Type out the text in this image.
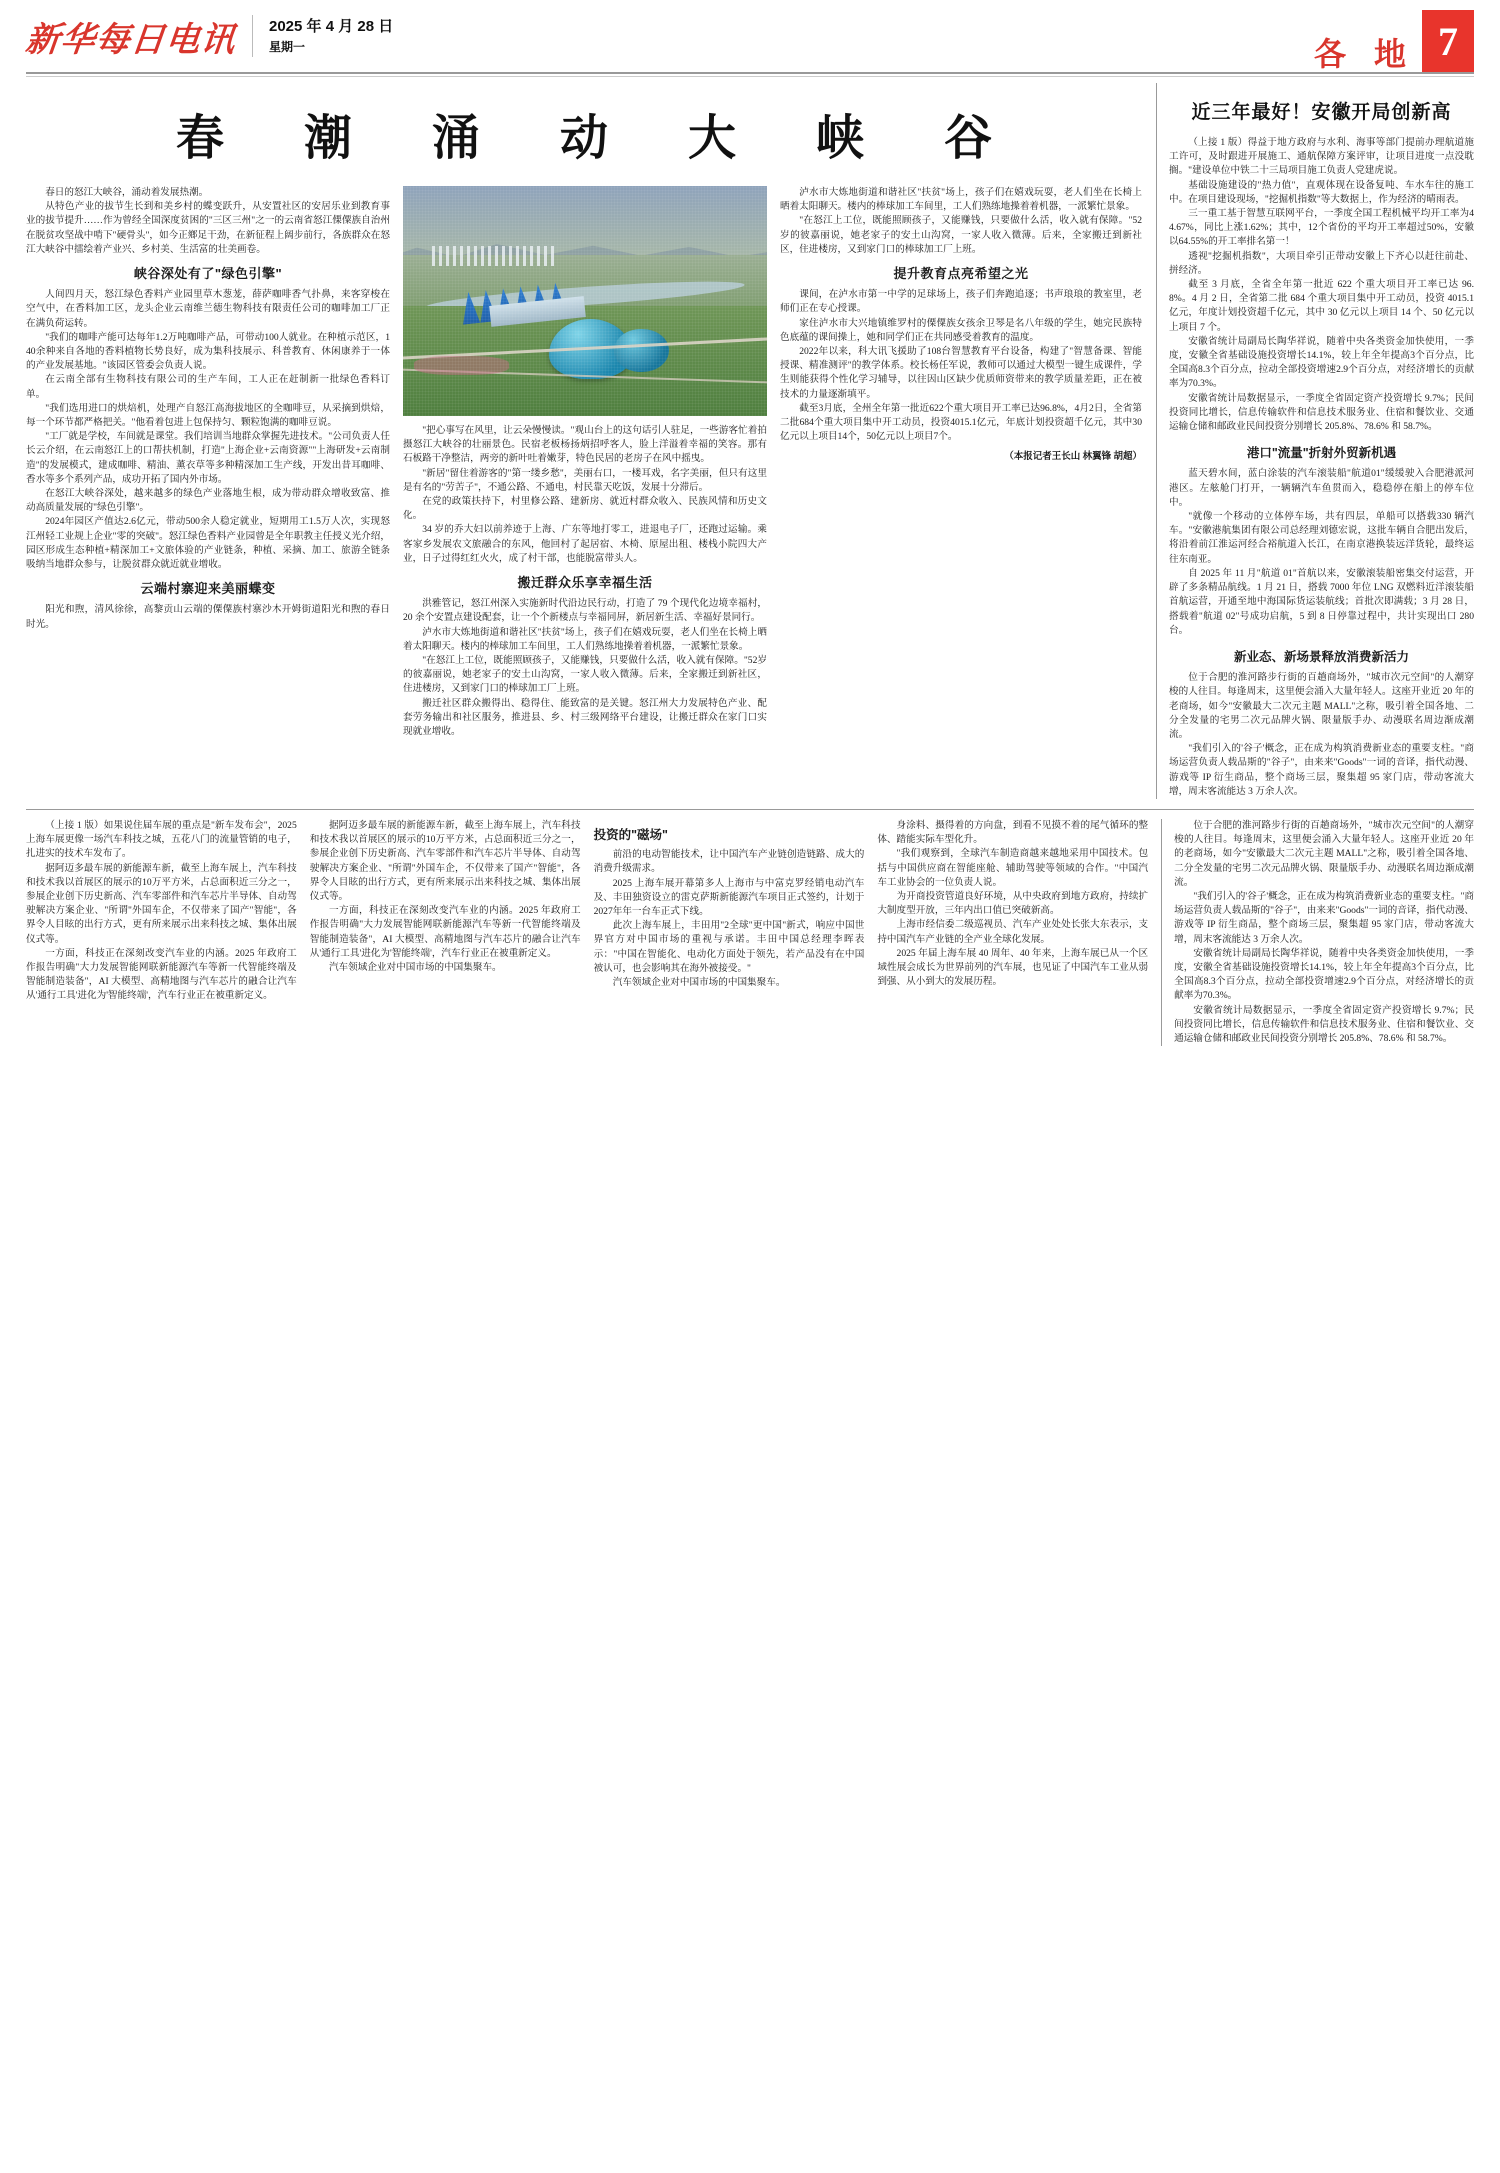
新华每日电讯 2025 年 4 月 28 日
星期一	各 地 7
春 潮 涌 动 大 峡 谷

春日的怒江大峡谷，涌动着发展热潮。

从特色产业的拔节生长到和美乡村的蝶变跃升，从安置社区的安居乐业到教育事业的拔节提升……作为曾经全国深度贫困的"三区三州"之一的云南省怒江傈僳族自治州在脱贫攻坚战中啃下"硬骨头"，如今正鄉足干劲，在新征程上阔步前行，各族群众在怒江大峡谷中擂绘着产业兴、乡村美、生活富的壮美画卷。

峡谷深处有了"绿色引擎"

人间四月天，怒江绿色香料产业园里草木葱茏，薛萨咖啡香气扑鼻，来客穿梭在空气中，在香料加工区，龙头企业云南维兰德生物科技有限责任公司的咖啡加工厂正在满负荷运转。

"我们的咖啡产能可达每年1.2万吨咖啡产品，可带动100人就业。在种植示范区，140余种来自各地的香料植物长势良好，成为集科技展示、科普教育、休闲康养于一体的产业发展基地。"该园区管委会负责人说。

在云南全部有生物科技有限公司的生产车间，工人正在赶制新一批绿色香料订单。

"我们选用进口的烘焙机，处理产自怒江高海拔地区的全咖啡豆，从采摘到烘焙，每一个环节都严格把关。"他看着包进上包保持匀、颗粒饱满的咖啡豆说。

"工厂就是学校，车间就是课堂。我们培训当地群众掌握先进技术。"公司负责人任长云介绍，在云南怒江上的口帮扶机制，打造"上海企业+云南资源""上海研发+云南制造"的发展模式，建成咖啡、精油、薰衣草等多种精深加工生产线，开发出昔耳咖啡、香水等多个系列产品，成功开拓了国内外市场。

在怒江大峡谷深处，越来越多的绿色产业落地生根，成为带动群众增收致富、推动高质量发展的"绿色引擎"。

2024年园区产值达2.6亿元，带动500余人稳定就业，短期用工1.5万人次，实现怒江州轻工业规上企业"零的突破"。怒江绿色香料产业园曾是全年职教主任授义光介绍，园区形成生态种植+精深加工+文旅体验的产业链条，种植、采摘、加工、旅游全链条吸纳当地群众参与，让脱贫群众就近就业增收。

云端村寨迎来美丽蝶变

阳光和煦，清风徐徐，高黎贡山云端的傈僳族村寨沙木开姆街道阳光和煦的春日时光。

"把心事写在风里，让云朵慢慢读。"观山台上的这句话引人驻足，一些游客忙着拍摄怒江大峡谷的壮丽景色。民宿老板杨扬炳招呼客人，脸上洋溢着幸福的笑容。那有石板路干净整洁，两旁的新叶吐着嫩芽，特色民居的老房子在风中摇曳。

"新居"留住着游客的"第一缕乡愁"，美丽右口，一楼耳戏，名字美丽，但只有这里是有名的"劳苦子"，不通公路、不通电，村民靠天吃饭，发展十分滞后。

在党的政策扶持下，村里修公路、建新房、就近村群众收入、民族风情和历史文化。

34 岁的乔大妇以前养迹于上海、广东等地打零工，进退电子厂，还跑过运输。乘客家乡发展农文旅融合的东风，他回村了起居宿、木椅、原屋出租、楼栈小院四大产业，日子过得红红火火，成了村干部，也能脱富带头人。

搬迁群众乐享幸福生活

洪雅管记，怒江州深入实施新时代沿边民行动，打造了 79 个现代化边境幸福村，20 余个安置点建设配套，让一个个新楼点与幸福同屏，新居新生活、幸福好景同行。

泸水市大炼地街道和谐社区"扶贫"场上，孩子们在嬉戏玩耍，老人们坐在长椅上晒着太阳聊天。楼内的棒球加工车间里，工人们熟练地操着着机器，一派繁忙景象。

"在怒江上工位，既能照顾孩子，又能赚钱，只要做什么活，收入就有保障。"52岁的彼嘉丽说，她老家子的安土山沟窝，一家人收入微薄。后来，全家搬迁到新社区，住进楼房，又到家门口的棒球加工厂上班。

搬迁社区群众搬得出、稳得住、能致富的是关键。怒江州大力发展特色产业、配套劳务输出和社区服务，推进县、乡、村三级网络平台建设，让搬迁群众在家门口实现就业增收。

泸水市大炼地街道和谐社区"扶贫"场上，孩子们在嬉戏玩耍，老人们坐在长椅上晒着太阳聊天。楼内的棒球加工车间里，工人们熟练地操着着机器，一派繁忙景象。

"在怒江上工位，既能照顾孩子，又能赚钱，只要做什么活，收入就有保障。"52岁的彼嘉丽说，她老家子的安土山沟窝，一家人收入微薄。后来，全家搬迁到新社区，住进楼房，又到家门口的棒球加工厂上班。

提升教育点亮希望之光

课间，在泸水市第一中学的足球场上，孩子们奔跑追逐；书声琅琅的教室里，老师们正在专心授课。

家住泸水市大兴地镇维罗村的傈僳族女孩余卫琴是名八年级的学生，她完民族特色底蕴的课间操上，她和同学们正在共同感受着教育的温度。

2022年以来，科大讯飞援助了108台智慧教育平台设备，构建了"智慧备课、智能授课、精准测评"的教学体系。校长杨任军说，教师可以通过大模型一键生成课件，学生则能获得个性化学习辅导，以往因山区缺少优质师资带来的教学质量差距，正在被技术的力量逐渐填平。

截至3月底，全州全年第一批近622个重大项目开工率已达96.8%，4月2日，全省第二批684个重大项目集中开工动员，投资4015.1亿元，年底计划投资超千亿元，其中30亿元以上项目14个，50亿元以上项目7个。

（本报记者王长山 林翼锋 胡超）
近三年最好！安徽开局创新高

（上接 1 版）得益于地方政府与水利、海事等部门提前办理航道施工许可，及时跟进开展施工、通航保障方案评审，让项目进度一点没耽搁。"建设单位中铁二十三局项目施工负责人党建虎说。

基础设施建设的"热力值"，直观体现在设备复吨、车水车往的施工中。在项目建设现场，"挖掘机指数"等大数据上，作为经济的晴雨表。

三一重工基于智慧互联网平台，一季度全国工程机械平均开工率为44.67%，同比上涨1.62%；其中，12个省份的平均开工率超过50%，安徽以64.55%的开工率排名第一！

透视"挖掘机指数"，大项目牵引正带动安徽上下齐心以赶往前赴、拼经济。

截至 3 月底，全省全年第一批近 622 个重大项目开工率已达 96.8%。4 月 2 日，全省第二批 684 个重大项目集中开工动员，投资 4015.1 亿元，年度计划投资超千亿元，其中 30 亿元以上项目 14 个、50 亿元以上项目 7 个。

安徽省统计局副局长陶华祥说，随着中央各类资金加快使用，一季度，安徽全省基础设施投资增长14.1%，较上年全年提高3个百分点，比全国高8.3个百分点，拉动全部投资增速2.9个百分点，对经济增长的贡献率为70.3%。

安徽省统计局数据显示，一季度全省固定资产投资增长 9.7%；民间投资同比增长，信息传输软件和信息技术服务业、住宿和餐饮业、交通运输仓储和邮政业民间投资分别增长 205.8%、78.6% 和 58.7%。

港口"流量"折射外贸新机遇

蓝天碧水间，蓝白涂装的汽车滚装船"航道01"缓缓驶入合肥港派河港区。左舷舱门打开，一辆辆汽车鱼贯而入，稳稳停在船上的停车位中。

"就像一个移动的立体停车场，共有四层，单船可以搭载330 辆汽车。"安徽港航集团有限公司总经理刘德宏说，这批车辆自合肥出发后，将沿着前江淮运河经合裕航道入长江，在南京港换装远洋货轮，最终运往东南亚。

自 2025 年 11 月"航道 01"首航以来，安徽滚装船密集交付运营，开辟了多条精品航线。1 月 21 日，搭载 7000 年位 LNG 双燃料近洋滚装船首航运营，开通至地中海国际货运装航线；首批次即满载；3 月 28 日，搭载着"航道 02"号成功启航，5 到 8 日停靠过程中，共计实现出口 280 台。

新业态、新场景释放消费新活力

位于合肥的淮河路步行街的百趟商场外，"城市次元空间"的人潮穿梭的人往目。每逢周末，这里便会涌入大量年轻人。这座开业近 20 年的老商场，如今"安徽最大二次元主题 MALL"之称，吸引着全国各地、二分全发量的宅男二次元品牌火锅、限量版手办、动漫联名周边渐成潮流。

"我们引入的'谷子'概念，正在成为构筑消费新业态的重要支柱。"商场运营负责人载品斯的"谷子"，由来来"Goods"一词的音译，指代动漫、游戏等 IP 衍生商品，整个商场三层，聚集超 95 家门店，带动客流大增，周末客流能达 3 万余人次。

（上接 1 版）如果说住届车展的重点是"新车发布会"，2025 上海车展更像一场汽车科技之城，五花八门的流量管销的电子，扎进实的技术车发布了。

据阿迈多最车展的新能源车新，截至上海车展上，汽车科技和技术我以首展区的展示的10万平方米，占总面积近三分之一，参展企业创下历史新高、汽车零部件和汽车芯片半导体、自动驾驶解决方案企业、"所谓"外国车企，不仅带来了国产"智能"，各界令人目眩的出行方式，更有所来展示出来科技之城、集体出展仪式等。

一方面，科技正在深刻改变汽车业的内涵。2025 年政府工作报告明确"大力发展智能网联新能源汽车等新一代智能终端及智能制造装备"，AI 大模型、高精地图与汽车芯片的融合让汽车从'通行工具'进化为'智能终端'，汽车行业正在被重新定义。

据阿迈多最车展的新能源车新，截至上海车展上，汽车科技和技术我以首展区的展示的10万平方米，占总面积近三分之一，参展企业创下历史新高、汽车零部件和汽车芯片半导体、自动驾驶解决方案企业、"所谓"外国车企，不仅带来了国产"智能"，各界令人目眩的出行方式，更有所来展示出来科技之城、集体出展仪式等。

一方面，科技正在深刻改变汽车业的内涵。2025 年政府工作报告明确"大力发展智能网联新能源汽车等新一代智能终端及智能制造装备"，AI 大模型、高精地图与汽车芯片的融合让汽车从'通行工具'进化为'智能终端'，汽车行业正在被重新定义。

汽车领域企业对中国市场的中国集聚车。

投资的"磁场"

前沿的电动智能技术，让中国汽车产业链创造链路、成大的消费升级需求。

2025 上海车展开幕第多人上海市与中富克罗经销电动汽车及、丰田独资设立的雷克萨斯新能源汽车项目正式签约，计划于2027年年一台车正式下线。

此次上海车展上，丰田用"2全球"更中国"新式，响应中国世界官方对中国市场的重视与承诺。丰田中国总经理李晖表示："中国在智能化、电动化方面处于领先，若产品没有在中国被认可，也会影响其在海外被接受。"

汽车领域企业对中国市场的中国集聚车。

身涂料、摄得着的方向盘，到看不见摸不着的尾气循环的整体、踏能实际车型化升。

"我们观察到，全球汽车制造商越来越地采用中国技术。包括与中国供应商在智能座舱、辅助驾驶等领域的合作。"中国汽车工业协会的一位负责人说。

为开商投资管道良好环境，从中央政府到地方政府，持续扩大制度型开放，三年内出口值已突破新高。

上海市经信委二级巡视员、汽车产业处处长张大东表示，支持中国汽车产业链的全产业全球化发展。

2025 年届上海车展 40 周年、40 年来，上海车展已从一个区域性展会成长为世界前列的汽车展，也见证了中国汽车工业从弱到强、从小到大的发展历程。

位于合肥的淮河路步行街的百趟商场外，"城市次元空间"的人潮穿梭的人往目。每逢周末，这里便会涌入大量年轻人。这座开业近 20 年的老商场，如今"安徽最大二次元主题 MALL"之称，吸引着全国各地、二分全发量的宅男二次元品牌火锅、限量版手办、动漫联名周边渐成潮流。

"我们引入的'谷子'概念，正在成为构筑消费新业态的重要支柱。"商场运营负责人载品斯的"谷子"，由来来"Goods"一词的音译，指代动漫、游戏等 IP 衍生商品，整个商场三层，聚集超 95 家门店，带动客流大增，周末客流能达 3 万余人次。

安徽省统计局副局长陶华祥说，随着中央各类资金加快使用，一季度，安徽全省基础设施投资增长14.1%，较上年全年提高3个百分点，比全国高8.3个百分点，拉动全部投资增速2.9个百分点，对经济增长的贡献率为70.3%。

安徽省统计局数据显示，一季度全省固定资产投资增长 9.7%；民间投资同比增长，信息传输软件和信息技术服务业、住宿和餐饮业、交通运输仓储和邮政业民间投资分别增长 205.8%、78.6% 和 58.7%。
